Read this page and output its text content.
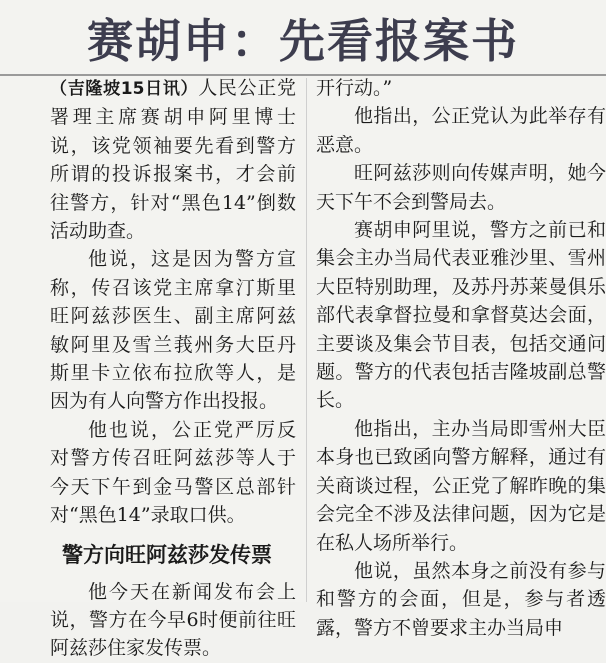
赛胡申：先看报案书

（吉隆坡15日讯）人民公正党署理主席赛胡申阿里博士说，该党领袖要先看到警方所谓的投诉报案书，才会前往警方，针对“黑色14”倒数活动助查。

他说，这是因为警方宣称，传召该党主席拿汀斯里旺阿兹莎医生、副主席阿兹敏阿里及雪兰莪州务大臣丹斯里卡立依布拉欣等人，是因为有人向警方作出投报。

他也说，公正党严厉反对警方传召旺阿兹莎等人于今天下午到金马警区总部针对“黑色14”录取口供。

警方向旺阿兹莎发传票

他今天在新闻发布会上说，警方在今早6时便前往旺阿兹莎住家发传票。

开行动。”

他指出，公正党认为此举存有恶意。

旺阿兹莎则向传媒声明，她今天下午不会到警局去。

赛胡申阿里说，警方之前已和集会主办当局代表亚雅沙里、雪州大臣特别助理，及苏丹苏莱曼俱乐部代表拿督拉曼和拿督莫达会面，主要谈及集会节目表，包括交通问题。警方的代表包括吉隆坡副总警长。

他指出，主办当局即雪州大臣本身也已致函向警方解释，通过有关商谈过程，公正党了解昨晚的集会完全不涉及法律问题，因为它是在私人场所举行。

他说，虽然本身之前没有参与和警方的会面，但是，参与者透露，警方不曾要求主办当局申
